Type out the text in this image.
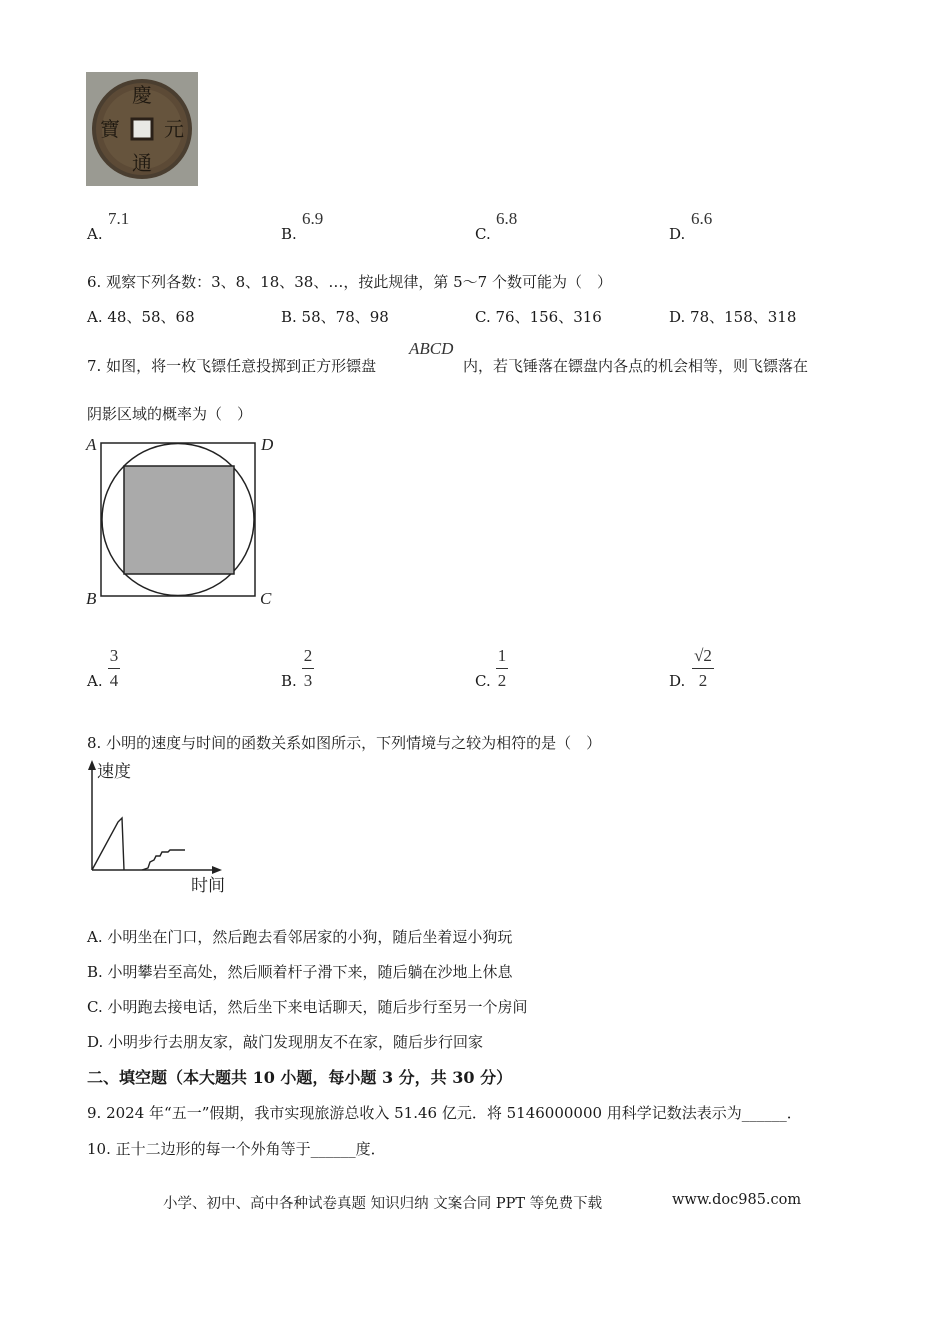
慶
元
通
寶
A.
7.1
B.
6.9
C.
6.8
D.
6.6
6. 观察下列各数：3、8、18、38、…，按此规律，第 5～7 个数可能为（　）
A. 48、58、68	B. 58、78、98	C. 76、156、316	D. 78、158、318
7. 如图，将一枚飞镖任意投掷到正方形镖盘
ABCD
内，若飞锤落在镖盘内各点的机会相等，则飞镖落在
阴影区域的概率为（　）
A	D
B	C
A.
3
4	B.
2
3	C.
1
2	D.
√2
2
8. 小明的速度与时间的函数关系如图所示，下列情境与之较为相符的是（　）
速度
时间
A. 小明坐在门口，然后跑去看邻居家的小狗，随后坐着逗小狗玩
B. 小明攀岩至高处，然后顺着杆子滑下来，随后躺在沙地上休息
C. 小明跑去接电话，然后坐下来电话聊天，随后步行至另一个房间
D. 小明步行去朋友家，敲门发现朋友不在家，随后步行回家
二、填空题（本大题共 10 小题，每小题 3 分，共 30 分）
9. 2024 年“五一”假期，我市实现旅游总收入 51.46 亿元．将 5146000000 用科学记数法表示为______．
10. 正十二边形的每一个外角等于______度．
小学、初中、高中各种试卷真题 知识归纳 文案合同 PPT 等免费下载	www.doc985.com
